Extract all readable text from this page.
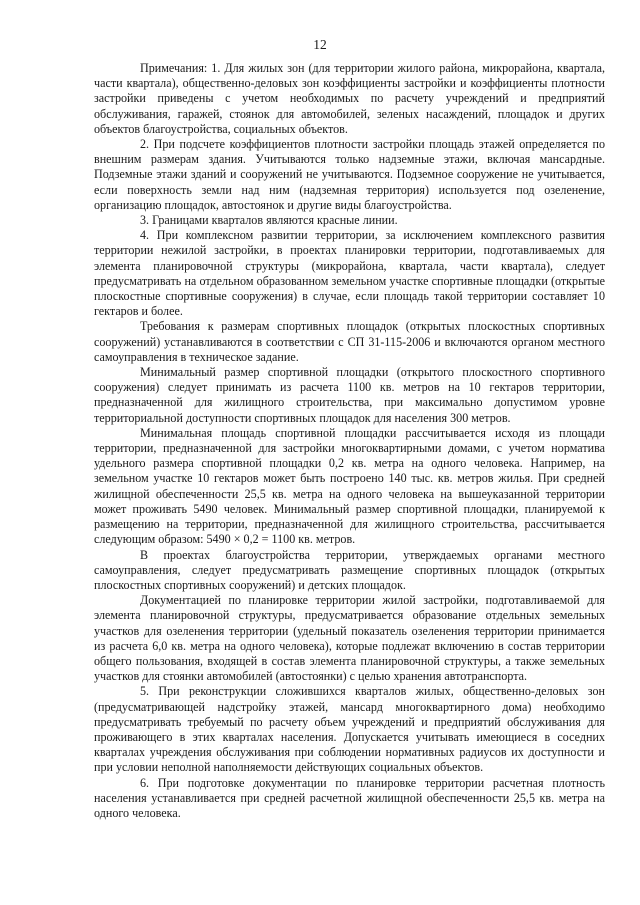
12

Примечания: 1. Для жилых зон (для территории жилого района, микрорайона, квартала, части квартала), общественно-деловых зон коэффициенты застройки и коэффициенты плотности застройки приведены с учетом необходимых по расчету учреждений и предприятий обслуживания, гаражей, стоянок для автомобилей, зеленых насаждений, площадок и других объектов благоустройства, социальных объектов.

2. При подсчете коэффициентов плотности застройки площадь этажей определяется по внешним размерам здания. Учитываются только надземные этажи, включая мансардные. Подземные этажи зданий и сооружений не учитываются. Подземное сооружение не учитывается, если поверхность земли над ним (надземная территория) используется под озеленение, организацию площадок, автостоянок и другие виды благоустройства.

3. Границами кварталов являются красные линии.

4. При комплексном развитии территории, за исключением комплексного развития территории нежилой застройки, в проектах планировки территории, подготавливаемых для элемента планировочной структуры (микрорайона, квартала, части квартала), следует предусматривать на отдельном образованном земельном участке спортивные площадки (открытые плоскостные спортивные сооружения) в случае, если площадь такой территории составляет 10 гектаров и более.

Требования к размерам спортивных площадок (открытых плоскостных спортивных сооружений) устанавливаются в соответствии с СП 31-115-2006 и включаются органом местного самоуправления в техническое задание.

Минимальный размер спортивной площадки (открытого плоскостного спортивного сооружения) следует принимать из расчета 1100 кв. метров на 10 гектаров территории, предназначенной для жилищного строительства, при максимально допустимом уровне территориальной доступности спортивных площадок для населения 300 метров.

Минимальная площадь спортивной площадки рассчитывается исходя из площади территории, предназначенной для застройки многоквартирными домами, с учетом норматива удельного размера спортивной площадки 0,2 кв. метра на одного человека. Например, на земельном участке 10 гектаров может быть построено 140 тыс. кв. метров жилья. При средней жилищной обеспеченности 25,5 кв. метра на одного человека на вышеуказанной территории может проживать 5490 человек. Минимальный размер спортивной площадки, планируемой к размещению на территории, предназначенной для жилищного строительства, рассчитывается следующим образом: 5490 × 0,2 = 1100 кв. метров.

В проектах благоустройства территории, утверждаемых органами местного самоуправления, следует предусматривать размещение спортивных площадок (открытых плоскостных спортивных сооружений) и детских площадок.

Документацией по планировке территории жилой застройки, подготавливаемой для элемента планировочной структуры, предусматривается образование отдельных земельных участков для озеленения территории (удельный показатель озеленения территории принимается из расчета 6,0 кв. метра на одного человека), которые подлежат включению в состав территории общего пользования, входящей в состав элемента планировочной структуры, а также земельных участков для стоянки автомобилей (автостоянки) с целью хранения автотранспорта.

5. При реконструкции сложившихся кварталов жилых, общественно-деловых зон (предусматривающей надстройку этажей, мансард многоквартирного дома) необходимо предусматривать требуемый по расчету объем учреждений и предприятий обслуживания для проживающего в этих кварталах населения. Допускается учитывать имеющиеся в соседних кварталах учреждения обслуживания при соблюдении нормативных радиусов их доступности и при условии неполной наполняемости действующих социальных объектов.

6. При подготовке документации по планировке территории расчетная плотность населения устанавливается при средней расчетной жилищной обеспеченности 25,5 кв. метра на одного человека.
